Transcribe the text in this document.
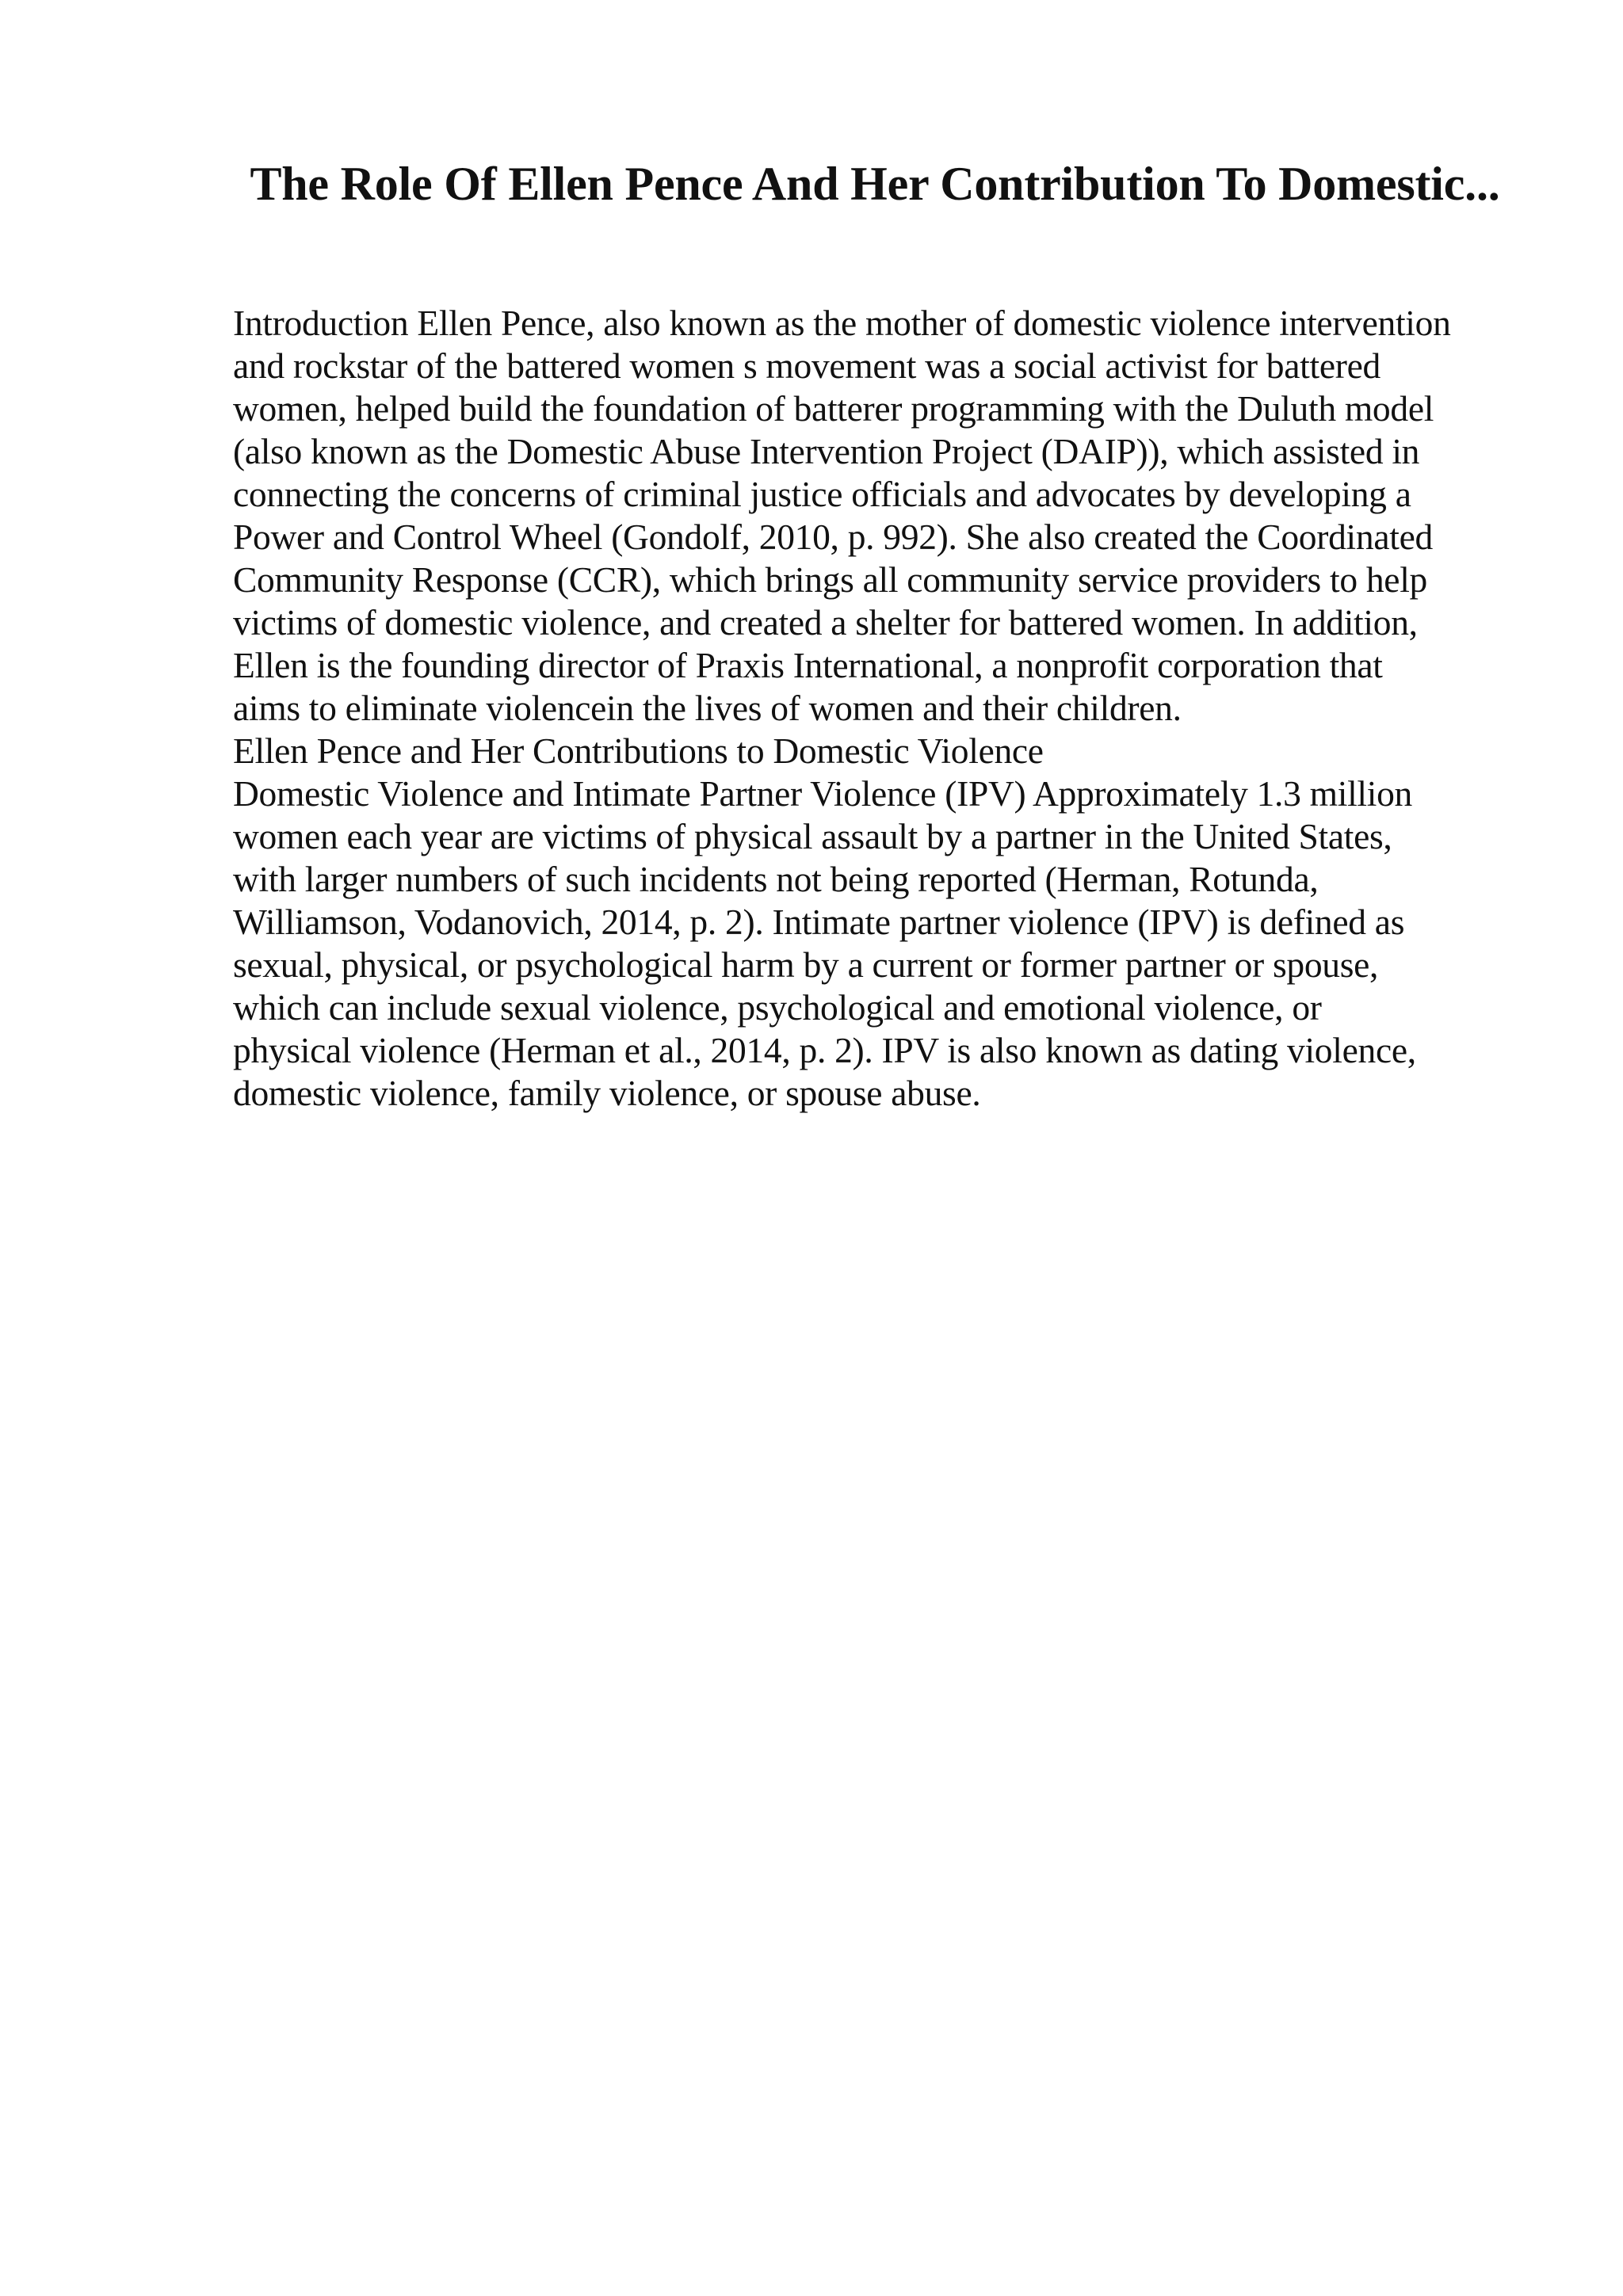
The Role Of Ellen Pence And Her Contribution To Domestic...
Introduction Ellen Pence, also known as the mother of domestic violence intervention
and rockstar of the battered women s movement was a social activist for battered
women, helped build the foundation of batterer programming with the Duluth model
(also known as the Domestic Abuse Intervention Project (DAIP)), which assisted in
connecting the concerns of criminal justice officials and advocates by developing a
Power and Control Wheel (Gondolf, 2010, p. 992). She also created the Coordinated
Community Response (CCR), which brings all community service providers to help
victims of domestic violence, and created a shelter for battered women. In addition,
Ellen is the founding director of Praxis International, a nonprofit corporation that
aims to eliminate violencein the lives of women and their children.
Ellen Pence and Her Contributions to Domestic Violence
Domestic Violence and Intimate Partner Violence (IPV) Approximately 1.3 million
women each year are victims of physical assault by a partner in the United States,
with larger numbers of such incidents not being reported (Herman, Rotunda,
Williamson, Vodanovich, 2014, p. 2). Intimate partner violence (IPV) is defined as
sexual, physical, or psychological harm by a current or former partner or spouse,
which can include sexual violence, psychological and emotional violence, or
physical violence (Herman et al., 2014, p. 2). IPV is also known as dating violence,
domestic violence, family violence, or spouse abuse.
